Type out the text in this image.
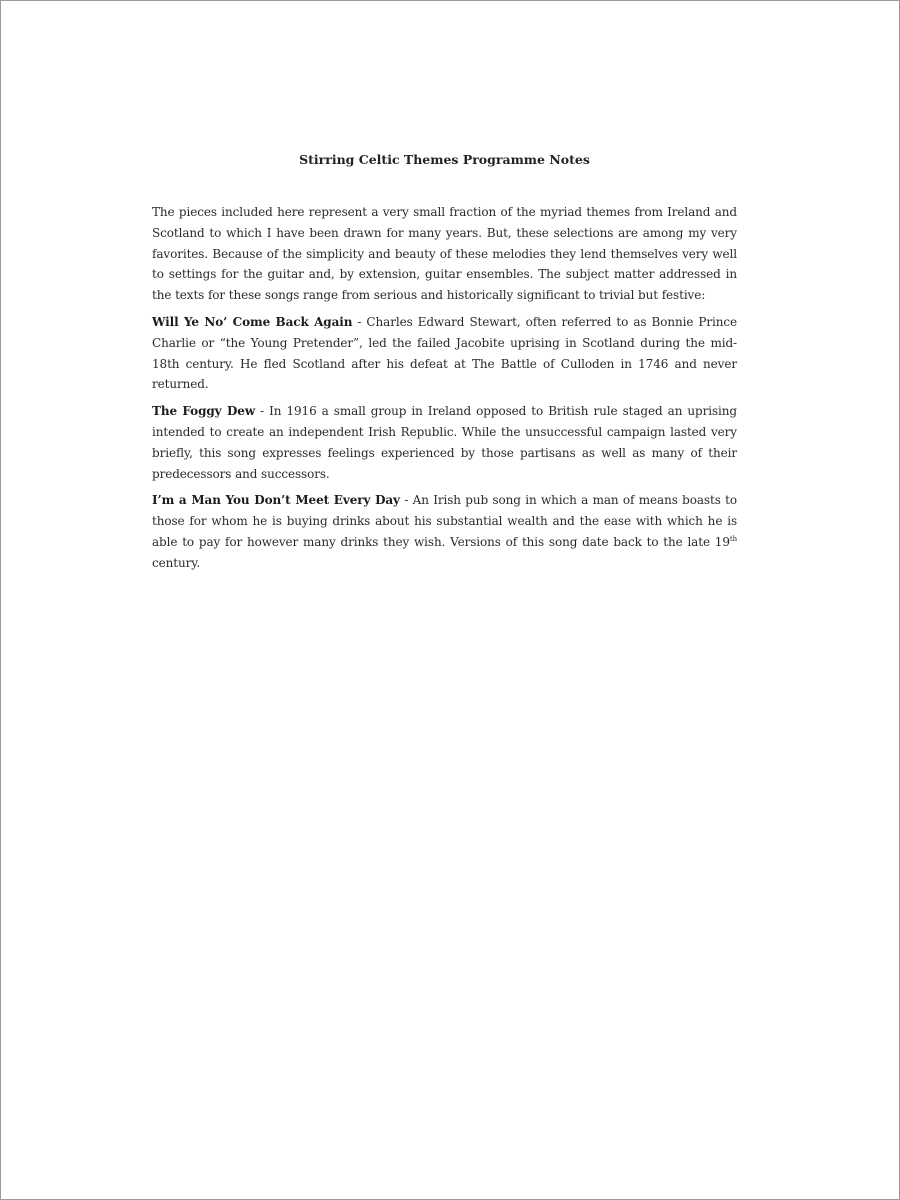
Stirring Celtic Themes Programme Notes

The pieces included here represent a very small fraction of the myriad themes from Ireland and Scotland to which I have been drawn for many years. But, these selections are among my very favorites. Because of the simplicity and beauty of these melodies they lend themselves very well to settings for the guitar and, by extension, guitar ensembles. The subject matter addressed in the texts for these songs range from serious and historically significant to trivial but festive:

Will Ye No’ Come Back Again - Charles Edward Stewart, often referred to as Bonnie Prince Charlie or “the Young Pretender”, led the failed Jacobite uprising in Scotland during the mid-18th century. He fled Scotland after his defeat at The Battle of Culloden in 1746 and never returned.

The Foggy Dew - In 1916 a small group in Ireland opposed to British rule staged an uprising intended to create an independent Irish Republic. While the unsuccessful campaign lasted very briefly, this song expresses feelings experienced by those partisans as well as many of their predecessors and successors.

I’m a Man You Don’t Meet Every Day - An Irish pub song in which a man of means boasts to those for whom he is buying drinks about his substantial wealth and the ease with which he is able to pay for however many drinks they wish. Versions of this song date back to the late 19th century.
